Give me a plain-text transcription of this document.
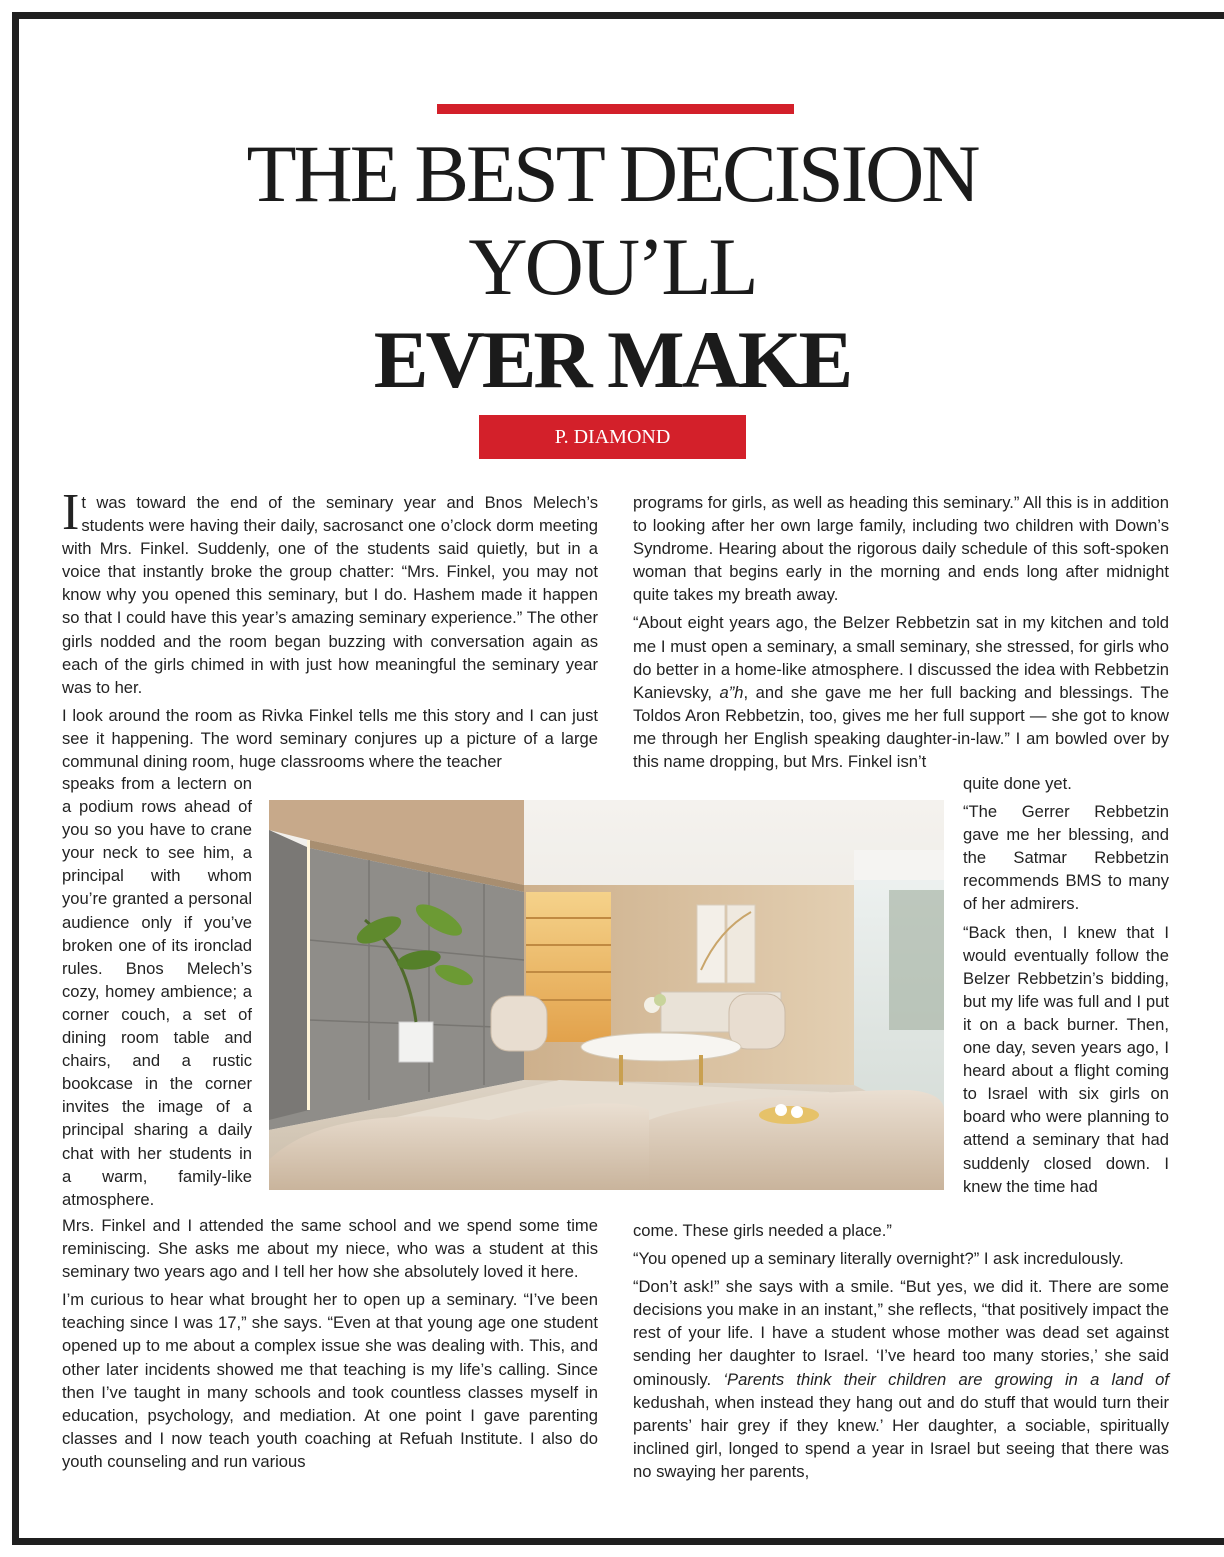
THE BEST DECISION
YOU’LL
EVER MAKE
P. DIAMOND

It was toward the end of the seminary year and Bnos Melech’s students were having their daily, sacrosanct one o’clock dorm meeting with Mrs. Finkel. Suddenly, one of the students said quietly, but in a voice that instantly broke the group chatter: “Mrs. Finkel, you may not know why you opened this seminary, but I do. Hashem made it happen so that I could have this year’s amazing seminary experience.” The other girls nodded and the room began buzzing with conversation again as each of the girls chimed in with just how meaningful the seminary year was to her.

I look around the room as Rivka Finkel tells me this story and I can just see it happening. The word seminary conjures up a picture of a large communal dining room, huge classrooms where the teacher

speaks from a lectern on a podium rows ahead of you so you have to crane your neck to see him, a principal with whom you’re granted a personal audience only if you’ve broken one of its ironclad rules. Bnos Melech’s cozy, homey ambience; a corner couch, a set of dining room table and chairs, and a rustic bookcase in the corner invites the image of a principal sharing a daily chat with her students in a warm, family-like atmosphere.

Mrs. Finkel and I attended the same school and we spend some time reminiscing. She asks me about my niece, who was a student at this seminary two years ago and I tell her how she absolutely loved it here.

I’m curious to hear what brought her to open up a seminary. “I’ve been teaching since I was 17,” she says. “Even at that young age one student opened up to me about a complex issue she was dealing with. This, and other later incidents showed me that teaching is my life’s calling. Since then I’ve taught in many schools and took countless classes myself in education, psychology, and mediation. At one point I gave parenting classes and I now teach youth coaching at Refuah Institute. I also do youth counseling and run various

programs for girls, as well as heading this seminary.” All this is in addition to looking after her own large family, including two children with Down’s Syndrome. Hearing about the rigorous daily schedule of this soft-spoken woman that begins early in the morning and ends long after midnight quite takes my breath away.

“About eight years ago, the Belzer Rebbetzin sat in my kitchen and told me I must open a seminary, a small seminary, she stressed, for girls who do better in a home-like atmosphere. I discussed the idea with Rebbetzin Kanievsky, a”h, and she gave me her full backing and blessings. The Toldos Aron Rebbetzin, too, gives me her full support — she got to know me through her English speaking daughter-in-law.” I am bowled over by this name dropping, but Mrs. Finkel isn’t

quite done yet.

“The Gerrer Rebbetzin gave me her blessing, and the Satmar Rebbetzin recommends BMS to many of her admirers.

“Back then, I knew that I would eventually follow the Belzer Rebbetzin’s bidding, but my life was full and I put it on a back burner. Then, one day, seven years ago, I heard about a flight coming to Israel with six girls on board who were planning to attend a seminary that had suddenly closed down. I knew the time had

come. These girls needed a place.”

“You opened up a seminary literally overnight?” I ask incredulously.

“Don’t ask!” she says with a smile. “But yes, we did it. There are some decisions you make in an instant,” she reflects, “that positively impact the rest of your life. I have a student whose mother was dead set against sending her daughter to Israel. ‘I’ve heard too many stories,’ she said ominously. ‘Parents think their children are growing in a land of kedushah, when instead they hang out and do stuff that would turn their parents’ hair grey if they knew.’ Her daughter, a sociable, spiritually inclined girl, longed to spend a year in Israel but seeing that there was no swaying her parents,
